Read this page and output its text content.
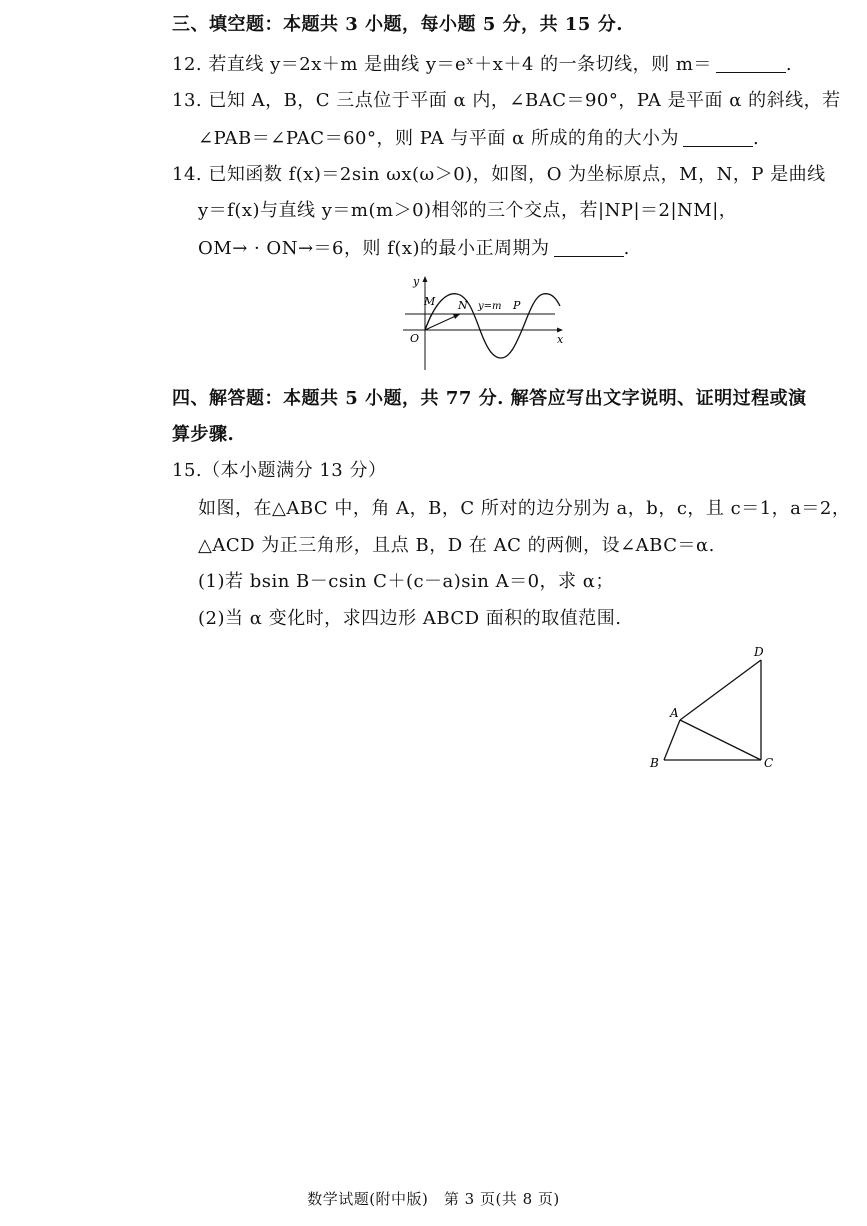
三、填空题：本题共 3 小题，每小题 5 分，共 15 分.
12. 若直线 y＝2x＋m 是曲线 y＝eˣ＋x＋4 的一条切线，则 m＝	.
13. 已知 A，B，C 三点位于平面 α 内，∠BAC＝90°，PA 是平面 α 的斜线，若
∠PAB＝∠PAC＝60°，则 PA 与平面 α 所成的角的大小为	.
14. 已知函数 f(x)＝2sin ωx(ω＞0)，如图，O 为坐标原点，M，N，P 是曲线
y＝f(x)与直线 y＝m(m＞0)相邻的三个交点，若|NP|＝2|NM|，
OM→ · ON→＝6，则 f(x)的最小正周期为	.
y
x
O
M N y=m P
四、解答题：本题共 5 小题，共 77 分. 解答应写出文字说明、证明过程或演
算步骤.
15.（本小题满分 13 分）
如图，在△ABC 中，角 A，B，C 所对的边分别为 a，b，c，且 c＝1，a＝2，
△ACD 为正三角形，且点 B，D 在 AC 的两侧，设∠ABC＝α.
(1)若 bsin B－csin C＋(c－a)sin A＝0，求 α；
(2)当 α 变化时，求四边形 ABCD 面积的取值范围.
A
B	C
D
数学试题(附中版)　第 3 页(共 8 页)
